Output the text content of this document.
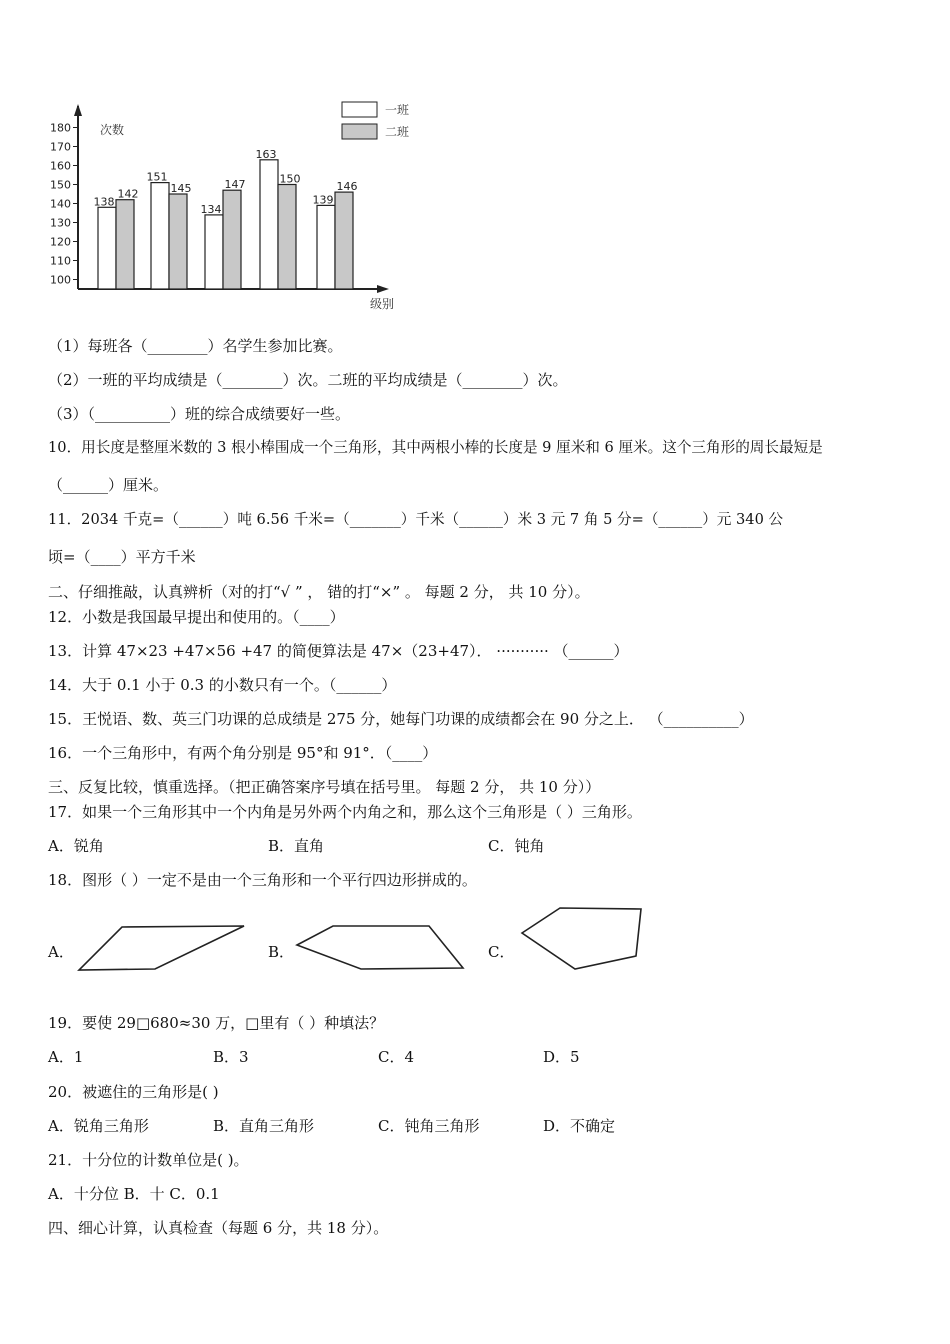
100
110
120
130
140
150
160
170
180
138
142
151
145
134
147
163
150
139
146
次数
级别
一班
二班
（1）每班各（________）名学生参加比赛。
（2）一班的平均成绩是（________）次。二班的平均成绩是（________）次。
（3）（__________）班的综合成绩要好一些。
10．用长度是整厘米数的 3 根小棒围成一个三角形，其中两根小棒的长度是 9 厘米和 6 厘米。这个三角形的周长最短是
（______）厘米。
11．2034 千克=（______）吨 6.56 千米=（_______）千米（______）米 3 元 7 角 5 分=（______）元 340 公
顷=（____）平方千米
二、仔细推敲，认真辨析（对的打“√ ” ， 错的打“×” 。 每题 2 分， 共 10 分）。
12．小数是我国最早提出和使用的。（____）
13．计算 47×23 +47×56 +47 的简便算法是 47×（23+47）． ··········· （______）
14．大于 0.1 小于 0.3 的小数只有一个。（______）
15．王悦语、数、英三门功课的总成绩是 275 分，她每门功课的成绩都会在 90 分之上． （__________）
16．一个三角形中，有两个角分别是 95°和 91°．（____）
三、反复比较，慎重选择。（把正确答案序号填在括号里。 每题 2 分， 共 10 分））
17．如果一个三角形其中一个内角是另外两个内角之和，那么这个三角形是（ ）三角形。
A．锐角	B．直角	C．钝角
18．图形（ ）一定不是由一个三角形和一个平行四边形拼成的。
A．	B．	C．
19．要使 29□680≈30 万，□里有（ ）种填法？
A．1	B．3	C．4	D．5
20．被遮住的三角形是( )
A．锐角三角形	B．直角三角形	C．钝角三角形	D．不确定
21．十分位的计数单位是( )。
A．十分位 B．十 C．0.1
四、细心计算，认真检查（每题 6 分，共 18 分）。
